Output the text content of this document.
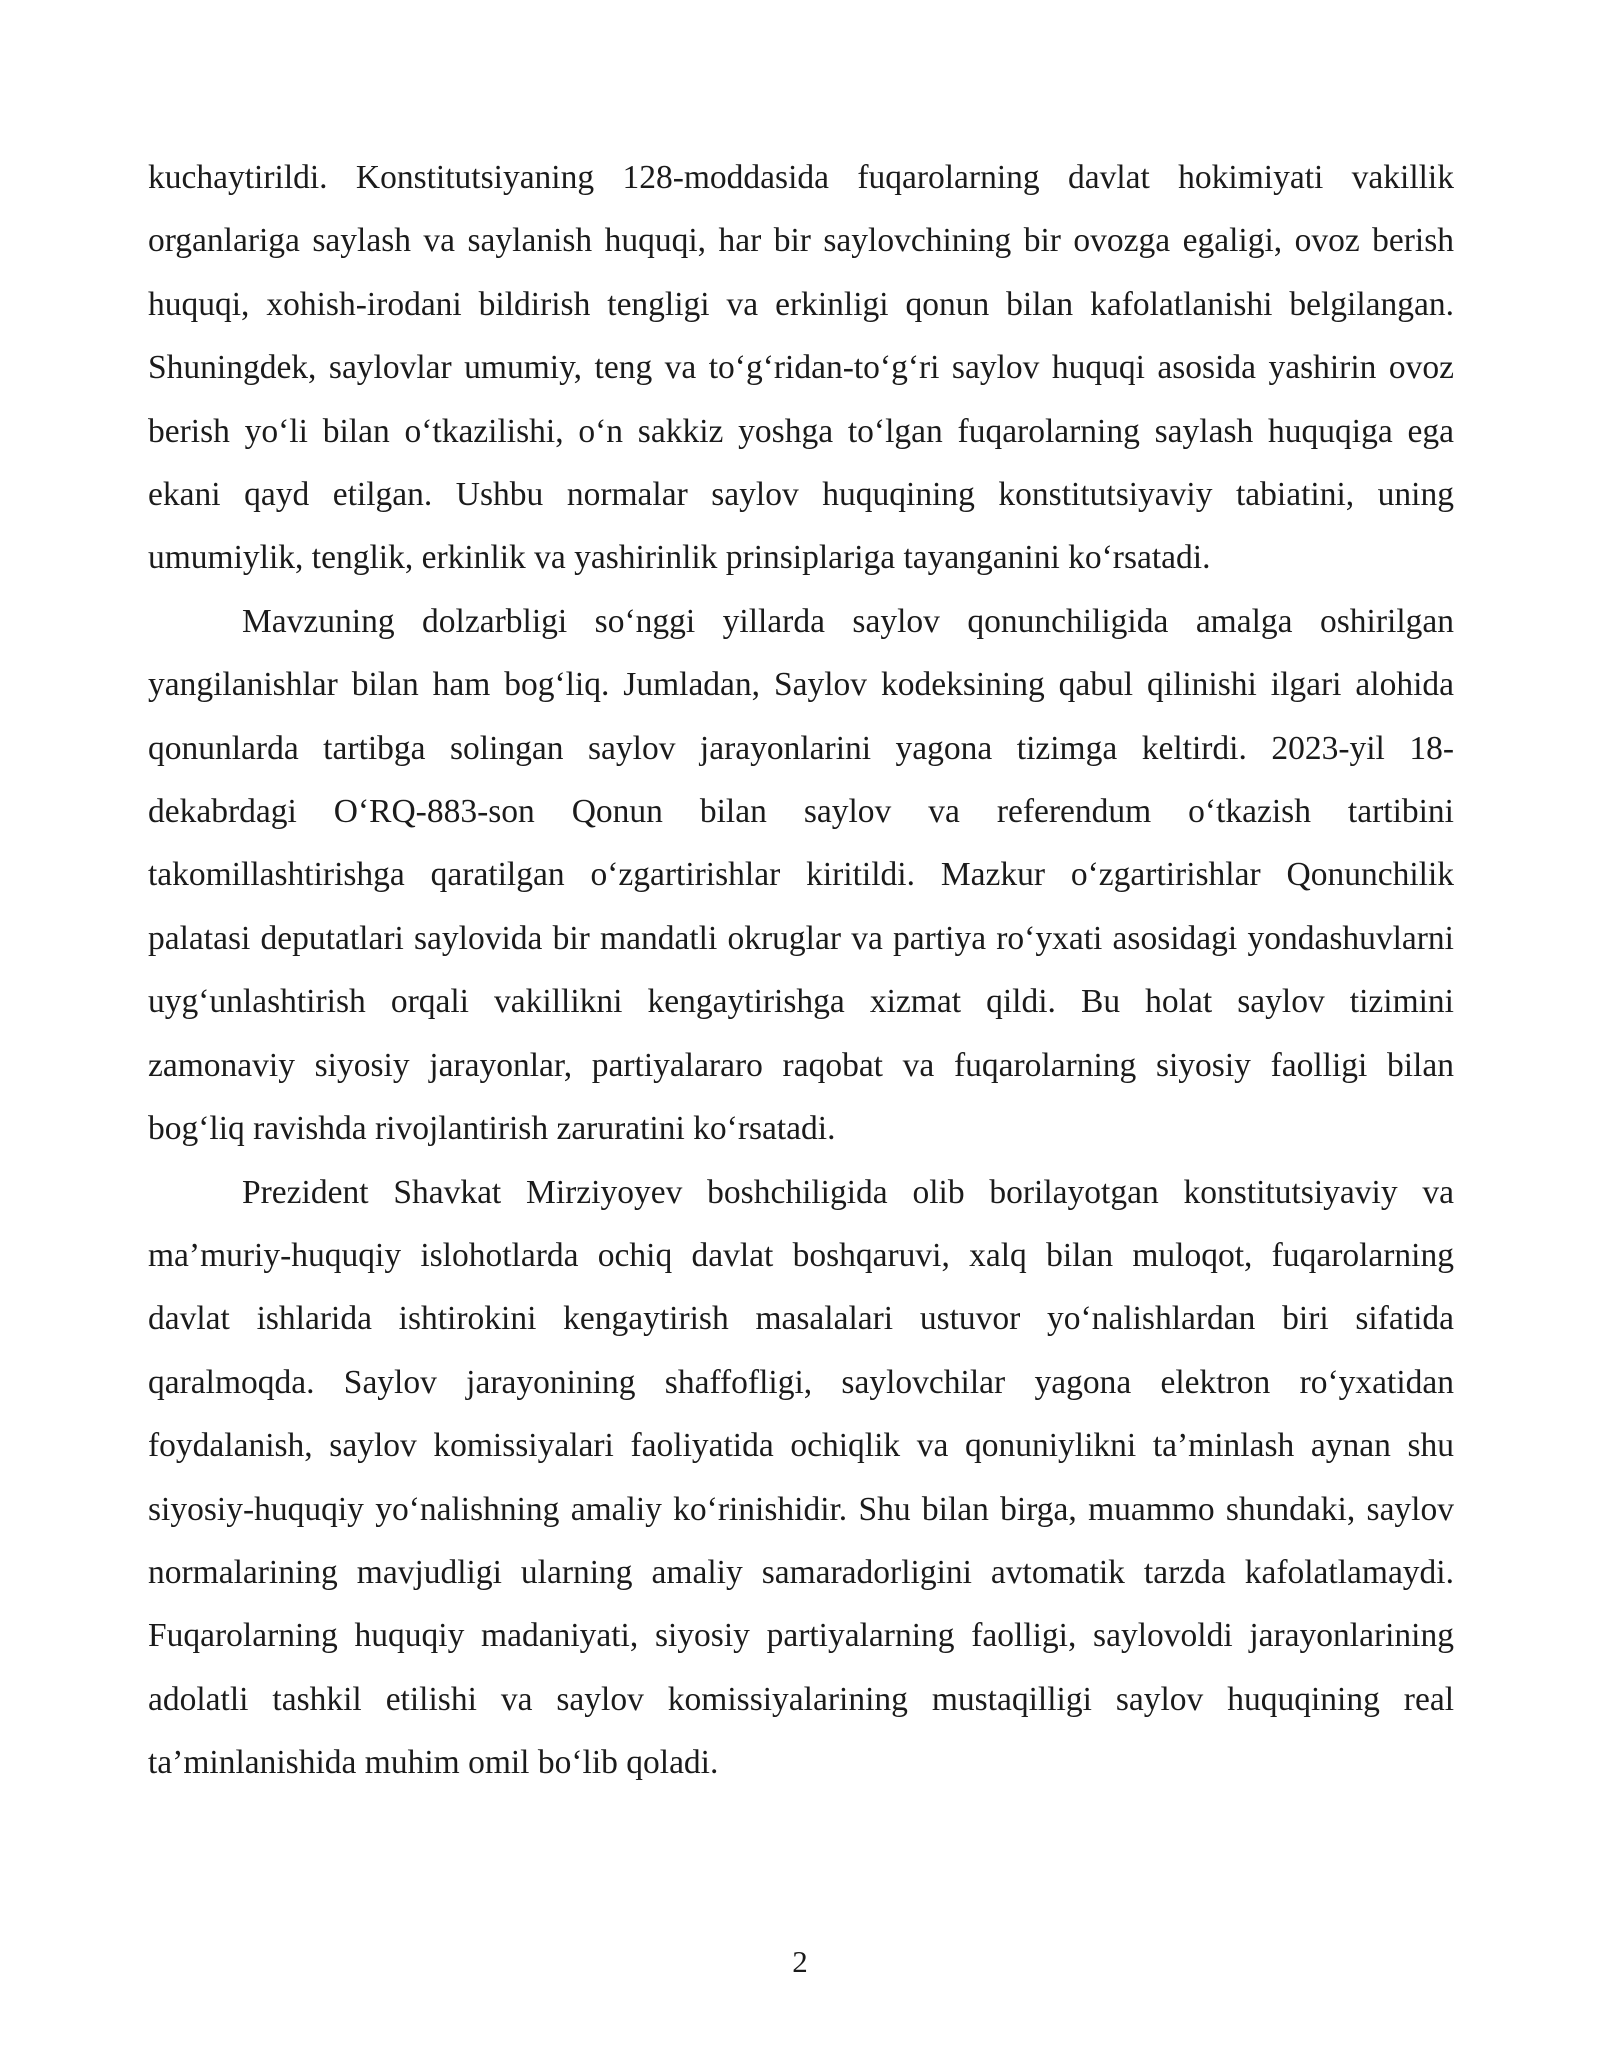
kuchaytirildi. Konstitutsiyaning 128-moddasida fuqarolarning davlat hokimiyati vakillik organlariga saylash va saylanish huquqi, har bir saylovchining bir ovozga egaligi, ovoz berish huquqi, xohish-irodani bildirish tengligi va erkinligi qonun bilan kafolatlanishi belgilangan. Shuningdek, saylovlar umumiy, teng va to‘g‘ridan-to‘g‘ri saylov huquqi asosida yashirin ovoz berish yo‘li bilan o‘tkazilishi, o‘n sakkiz yoshga to‘lgan fuqarolarning saylash huquqiga ega ekani qayd etilgan. Ushbu normalar saylov huquqining konstitutsiyaviy tabiatini, uning umumiylik, tenglik, erkinlik va yashirinlik prinsiplariga tayanganini ko‘rsatadi.

Mavzuning dolzarbligi so‘nggi yillarda saylov qonunchiligida amalga oshirilgan yangilanishlar bilan ham bog‘liq. Jumladan, Saylov kodeksining qabul qilinishi ilgari alohida qonunlarda tartibga solingan saylov jarayonlarini yagona tizimga keltirdi. 2023-yil 18-dekabrdagi O‘RQ-883-son Qonun bilan saylov va referendum o‘tkazish tartibini takomillashtirishga qaratilgan o‘zgartirishlar kiritildi. Mazkur o‘zgartirishlar Qonunchilik palatasi deputatlari saylovida bir mandatli okruglar va partiya ro‘yxati asosidagi yondashuvlarni uyg‘unlashtirish orqali vakillikni kengaytirishga xizmat qildi. Bu holat saylov tizimini zamonaviy siyosiy jarayonlar, partiyalararo raqobat va fuqarolarning siyosiy faolligi bilan bog‘liq ravishda rivojlantirish zaruratini ko‘rsatadi.

Prezident Shavkat Mirziyoyev boshchiligida olib borilayotgan konstitutsiyaviy va ma’muriy-huquqiy islohotlarda ochiq davlat boshqaruvi, xalq bilan muloqot, fuqarolarning davlat ishlarida ishtirokini kengaytirish masalalari ustuvor yo‘nalishlardan biri sifatida qaralmoqda. Saylov jarayonining shaffofligi, saylovchilar yagona elektron ro‘yxatidan foydalanish, saylov komissiyalari faoliyatida ochiqlik va qonuniylikni ta’minlash aynan shu siyosiy-huquqiy yo‘nalishning amaliy ko‘rinishidir. Shu bilan birga, muammo shundaki, saylov normalarining mavjudligi ularning amaliy samaradorligini avtomatik tarzda kafolatlamaydi. Fuqarolarning huquqiy madaniyati, siyosiy partiyalarning faolligi, saylovoldi jarayonlarining adolatli tashkil etilishi va saylov komissiyalarining mustaqilligi saylov huquqining real ta’minlanishida muhim omil bo‘lib qoladi.

2
